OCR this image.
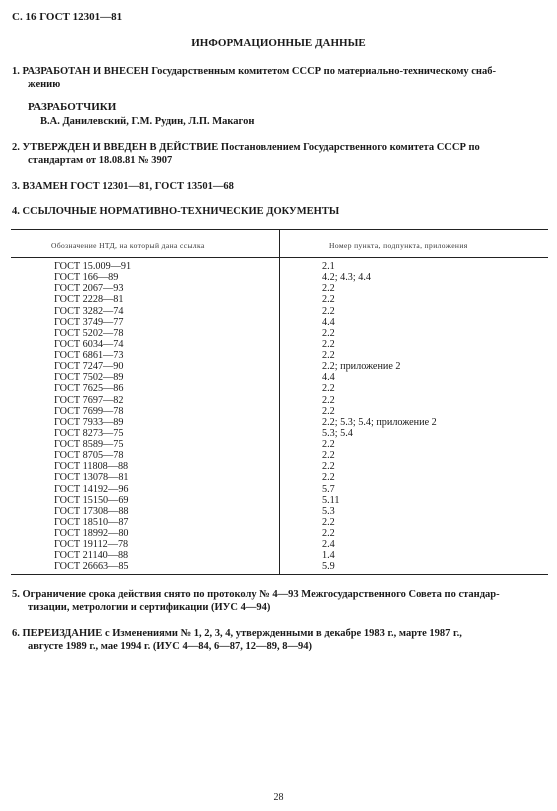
С. 16 ГОСТ 12301—81
ИНФОРМАЦИОННЫЕ ДАННЫЕ
1. РАЗРАБОТАН И ВНЕСЕН Государственным комитетом СССР по материально-техническому снаб-
жению
РАЗРАБОТЧИКИ
В.А. Данилевский, Г.М. Рудин, Л.П. Макагон
2. УТВЕРЖДЕН И ВВЕДЕН В ДЕЙСТВИЕ Постановлением Государственного комитета СССР по
стандартам от 18.08.81 № 3907
3. ВЗАМЕН ГОСТ 12301—81, ГОСТ 13501—68
4. ССЫЛОЧНЫЕ НОРМАТИВНО-ТЕХНИЧЕСКИЕ ДОКУМЕНТЫ
Обозначение НТД, на который дана ссылка	Номер пункта, подпункта, приложения
ГОСТ 15.009—91
ГОСТ 166—89
ГОСТ 2067—93
ГОСТ 2228—81
ГОСТ 3282—74
ГОСТ 3749—77
ГОСТ 5202—78
ГОСТ 6034—74
ГОСТ 6861—73
ГОСТ 7247—90
ГОСТ 7502—89
ГОСТ 7625—86
ГОСТ 7697—82
ГОСТ 7699—78
ГОСТ 7933—89
ГОСТ 8273—75
ГОСТ 8589—75
ГОСТ 8705—78
ГОСТ 11808—88
ГОСТ 13078—81
ГОСТ 14192—96
ГОСТ 15150—69
ГОСТ 17308—88
ГОСТ 18510—87
ГОСТ 18992—80
ГОСТ 19112—78
ГОСТ 21140—88
ГОСТ 26663—85
2.1
4.2; 4.3; 4.4
2.2
2.2
2.2
4.4
2.2
2.2
2.2
2.2; приложение 2
4.4
2.2
2.2
2.2
2.2; 5.3; 5.4; приложение 2
5.3; 5.4
2.2
2.2
2.2
2.2
5.7
5.11
5.3
2.2
2.2
2.4
1.4
5.9
5. Ограничение срока действия снято по протоколу № 4—93 Межгосударственного Совета по стандар-
тизации, метрологии и сертификации (ИУС 4—94)
6. ПЕРЕИЗДАНИЕ с Изменениями № 1, 2, 3, 4, утвержденными в декабре 1983 г., марте 1987 г.,
августе 1989 г., мае 1994 г. (ИУС 4—84, 6—87, 12—89, 8—94)
28
